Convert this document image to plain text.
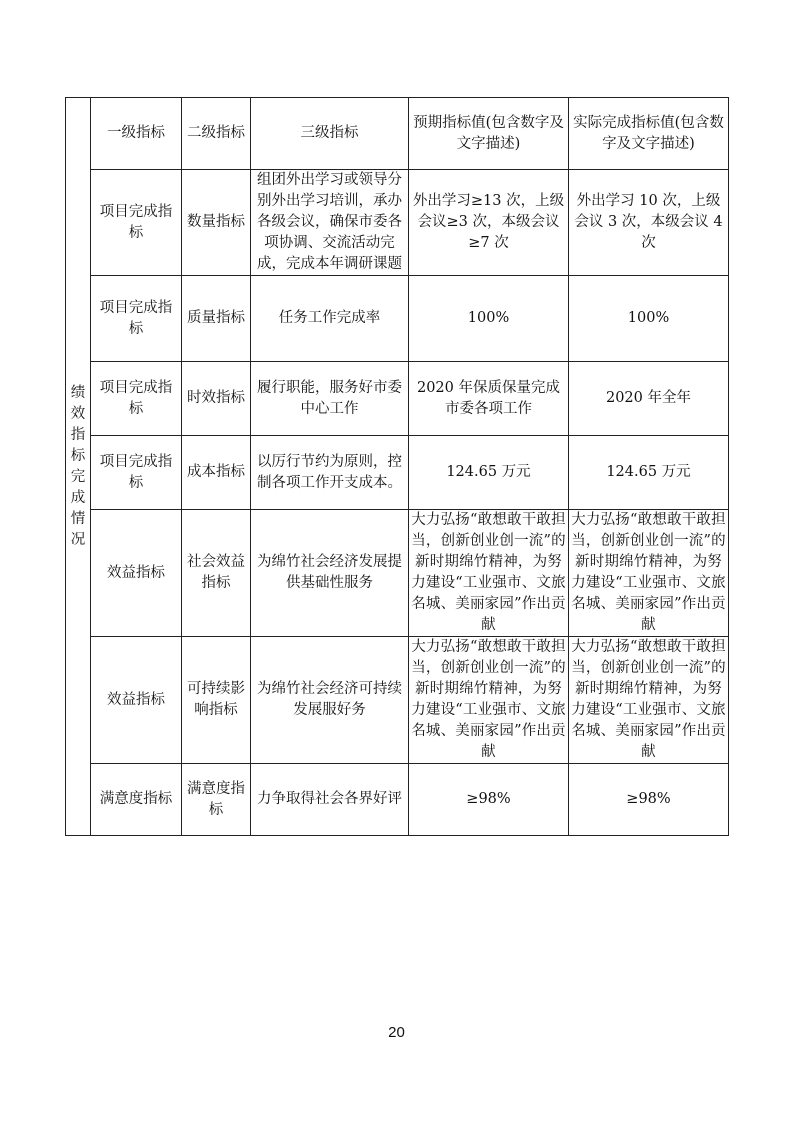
绩效指标完成情况	一级指标	二级指标	三级指标	预期指标值(包含数字及文字描述)	实际完成指标值(包含数字及文字描述)
	项目完成指标	数量指标	组团外出学习或领导分别外出学习培训，承办各级会议，确保市委各项协调、交流活动完成，完成本年调研课题	外出学习≥13 次，上级会议≥3 次，本级会议≥7 次	外出学习 10 次，上级会议 3 次，本级会议 4 次
	项目完成指标	质量指标	任务工作完成率	100%	100%
	项目完成指标	时效指标	履行职能，服务好市委中心工作	2020 年保质保量完成市委各项工作	2020 年全年
	项目完成指标	成本指标	以厉行节约为原则，控制各项工作开支成本。	124.65 万元	124.65 万元
	效益指标	社会效益指标	为绵竹社会经济发展提供基础性服务	大力弘扬“敢想敢干敢担当，创新创业创一流”的新时期绵竹精神，为努力建设“工业强市、文旅名城、美丽家园”作出贡献	大力弘扬“敢想敢干敢担当，创新创业创一流”的新时期绵竹精神，为努力建设“工业强市、文旅名城、美丽家园”作出贡献
	效益指标	可持续影响指标	为绵竹社会经济可持续发展服好务	大力弘扬“敢想敢干敢担当，创新创业创一流”的新时期绵竹精神，为努力建设“工业强市、文旅名城、美丽家园”作出贡献	大力弘扬“敢想敢干敢担当，创新创业创一流”的新时期绵竹精神，为努力建设“工业强市、文旅名城、美丽家园”作出贡献
	满意度指标	满意度指标	力争取得社会各界好评	≥98%	≥98%
20
